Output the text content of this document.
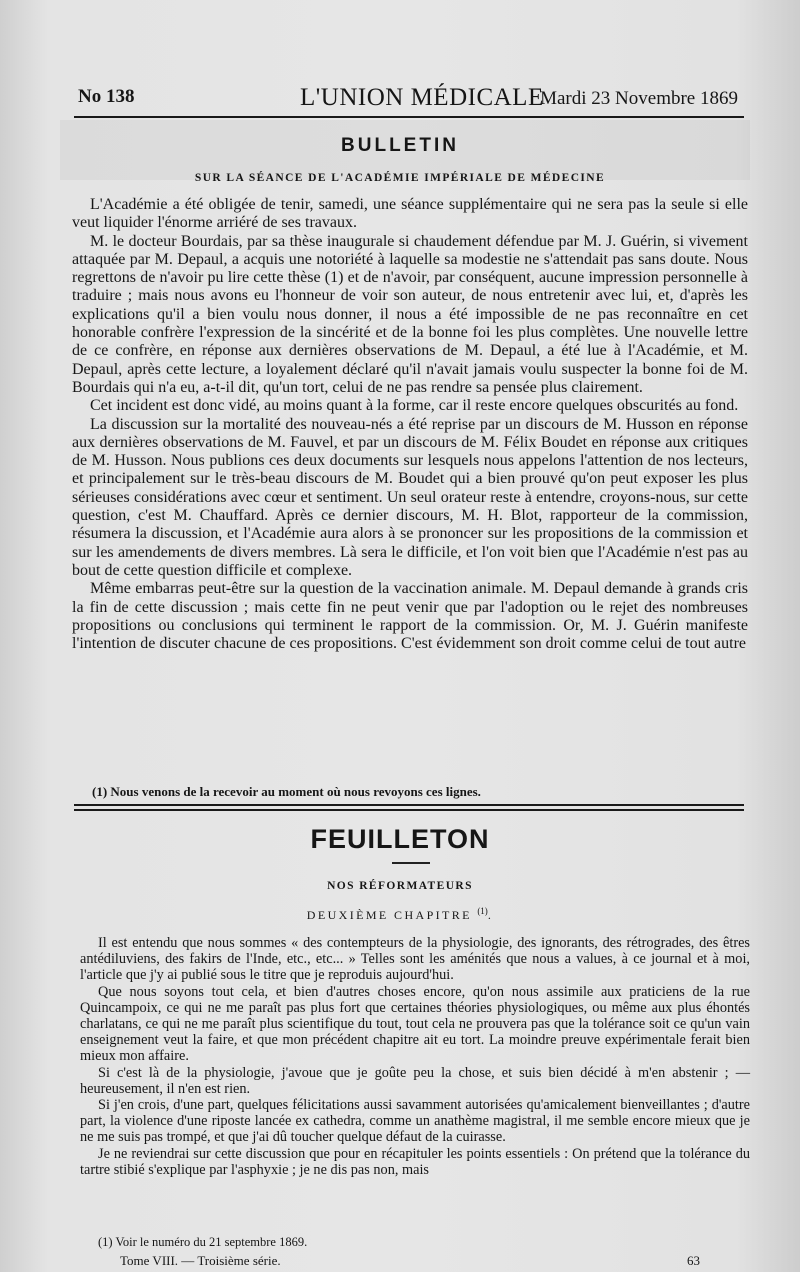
No 138	L'UNION MÉDICALE
Mardi 23 Novembre 1869
BULLETIN
SUR LA SÉANCE DE L'ACADÉMIE IMPÉRIALE DE MÉDECINE

L'Académie a été obligée de tenir, samedi, une séance supplémentaire qui ne sera pas la seule si elle veut liquider l'énorme arriéré de ses travaux.

M. le docteur Bourdais, par sa thèse inaugurale si chaudement défendue par M. J. Guérin, si vivement attaquée par M. Depaul, a acquis une notoriété à laquelle sa modestie ne s'attendait pas sans doute. Nous regrettons de n'avoir pu lire cette thèse (1) et de n'avoir, par conséquent, aucune impression personnelle à traduire ; mais nous avons eu l'honneur de voir son auteur, de nous entretenir avec lui, et, d'après les explications qu'il a bien voulu nous donner, il nous a été impossible de ne pas reconnaître en cet honorable confrère l'expression de la sincérité et de la bonne foi les plus complètes. Une nouvelle lettre de ce confrère, en réponse aux dernières observations de M. Depaul, a été lue à l'Académie, et M. Depaul, après cette lecture, a loyalement déclaré qu'il n'avait jamais voulu suspecter la bonne foi de M. Bourdais qui n'a eu, a-t-il dit, qu'un tort, celui de ne pas rendre sa pensée plus clairement.

Cet incident est donc vidé, au moins quant à la forme, car il reste encore quelques obscurités au fond.

La discussion sur la mortalité des nouveau-nés a été reprise par un discours de M. Husson en réponse aux dernières observations de M. Fauvel, et par un discours de M. Félix Boudet en réponse aux critiques de M. Husson. Nous publions ces deux documents sur lesquels nous appelons l'attention de nos lecteurs, et principalement sur le très-beau discours de M. Boudet qui a bien prouvé qu'on peut exposer les plus sérieuses considérations avec cœur et sentiment. Un seul orateur reste à entendre, croyons-nous, sur cette question, c'est M. Chauffard. Après ce dernier discours, M. H. Blot, rapporteur de la commission, résumera la discussion, et l'Académie aura alors à se prononcer sur les propositions de la commission et sur les amendements de divers membres. Là sera le difficile, et l'on voit bien que l'Académie n'est pas au bout de cette question difficile et complexe.

Même embarras peut-être sur la question de la vaccination animale. M. Depaul demande à grands cris la fin de cette discussion ; mais cette fin ne peut venir que par l'adoption ou le rejet des nombreuses propositions ou conclusions qui terminent le rapport de la commission. Or, M. J. Guérin manifeste l'intention de discuter chacune de ces propositions. C'est évidemment son droit comme celui de tout autre

(1) Nous venons de la recevoir au moment où nous revoyons ces lignes.
FEUILLETON
NOS RÉFORMATEURS
DEUXIÈME CHAPITRE $^{(1)}$.

Il est entendu que nous sommes « des contempteurs de la physiologie, des ignorants, des rétrogrades, des êtres antédiluviens, des fakirs de l'Inde, etc., etc... » Telles sont les aménités que nous a values, à ce journal et à moi, l'article que j'y ai publié sous le titre que je reproduis aujourd'hui.

Que nous soyons tout cela, et bien d'autres choses encore, qu'on nous assimile aux praticiens de la rue Quincampoix, ce qui ne me paraît pas plus fort que certaines théories physiologiques, ou même aux plus éhontés charlatans, ce qui ne me paraît plus scientifique du tout, tout cela ne prouvera pas que la tolérance soit ce qu'un vain enseignement veut la faire, et que mon précédent chapitre ait eu tort. La moindre preuve expérimentale ferait bien mieux mon affaire.

Si c'est là de la physiologie, j'avoue que je goûte peu la chose, et suis bien décidé à m'en abstenir ; — heureusement, il n'en est rien.

Si j'en crois, d'une part, quelques félicitations aussi savamment autorisées qu'amicalement bienveillantes ; d'autre part, la violence d'une riposte lancée ex cathedra, comme un anathème magistral, il me semble encore mieux que je ne me suis pas trompé, et que j'ai dû toucher quelque défaut de la cuirasse.

Je ne reviendrai sur cette discussion que pour en récapituler les points essentiels : On prétend que la tolérance du tartre stibié s'explique par l'asphyxie ; je ne dis pas non, mais

(1) Voir le numéro du 21 septembre 1869.
Tome VIII. — Troisième série.	63
